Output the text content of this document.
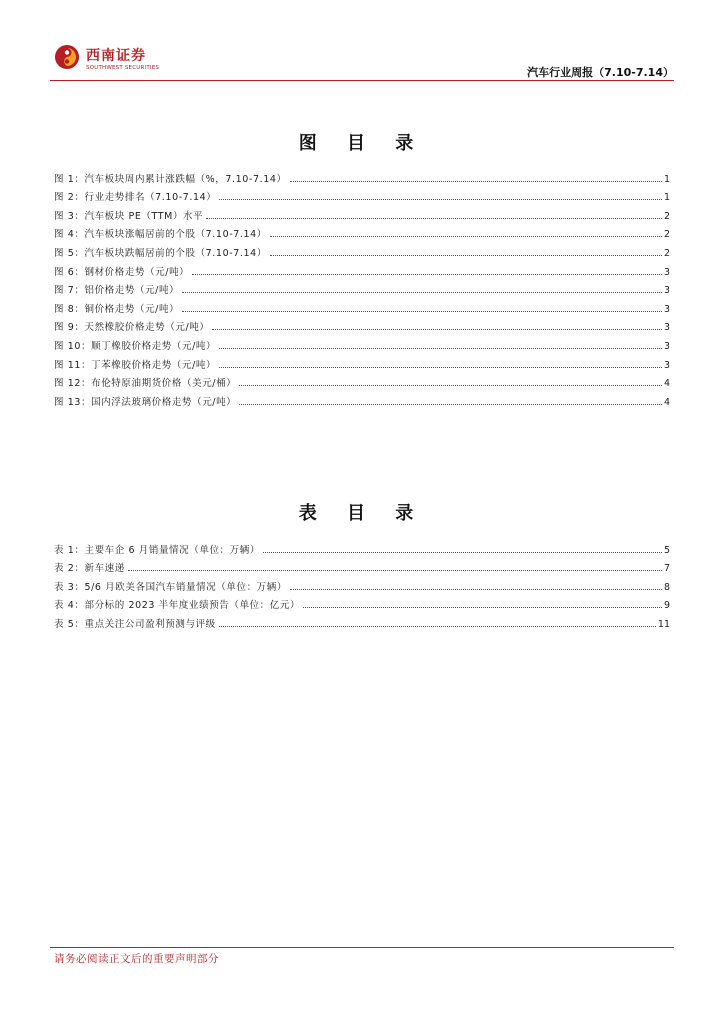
西南证券
SOUTHWEST SECURITIES	汽车行业周报（7.10-7.14）
图 目 录
图 1：汽车板块周内累计涨跌幅（%，7.10-7.14）	1
图 2：行业走势排名（7.10-7.14）	1
图 3：汽车板块 PE（TTM）水平	2
图 4：汽车板块涨幅居前的个股（7.10-7.14）	2
图 5：汽车板块跌幅居前的个股（7.10-7.14）	2
图 6：钢材价格走势（元/吨）	3
图 7：铝价格走势（元/吨）	3
图 8：铜价格走势（元/吨）	3
图 9：天然橡胶价格走势（元/吨）	3
图 10：顺丁橡胶价格走势（元/吨）	3
图 11：丁苯橡胶价格走势（元/吨）	3
图 12：布伦特原油期货价格（美元/桶）	4
图 13：国内浮法玻璃价格走势（元/吨）	4
表 目 录
表 1：主要车企 6 月销量情况（单位：万辆）	5
表 2：新车速递	7
表 3：5/6 月欧美各国汽车销量情况（单位：万辆）	8
表 4：部分标的 2023 半年度业绩预告（单位：亿元）	9
表 5：重点关注公司盈利预测与评级	11
请务必阅读正文后的重要声明部分
